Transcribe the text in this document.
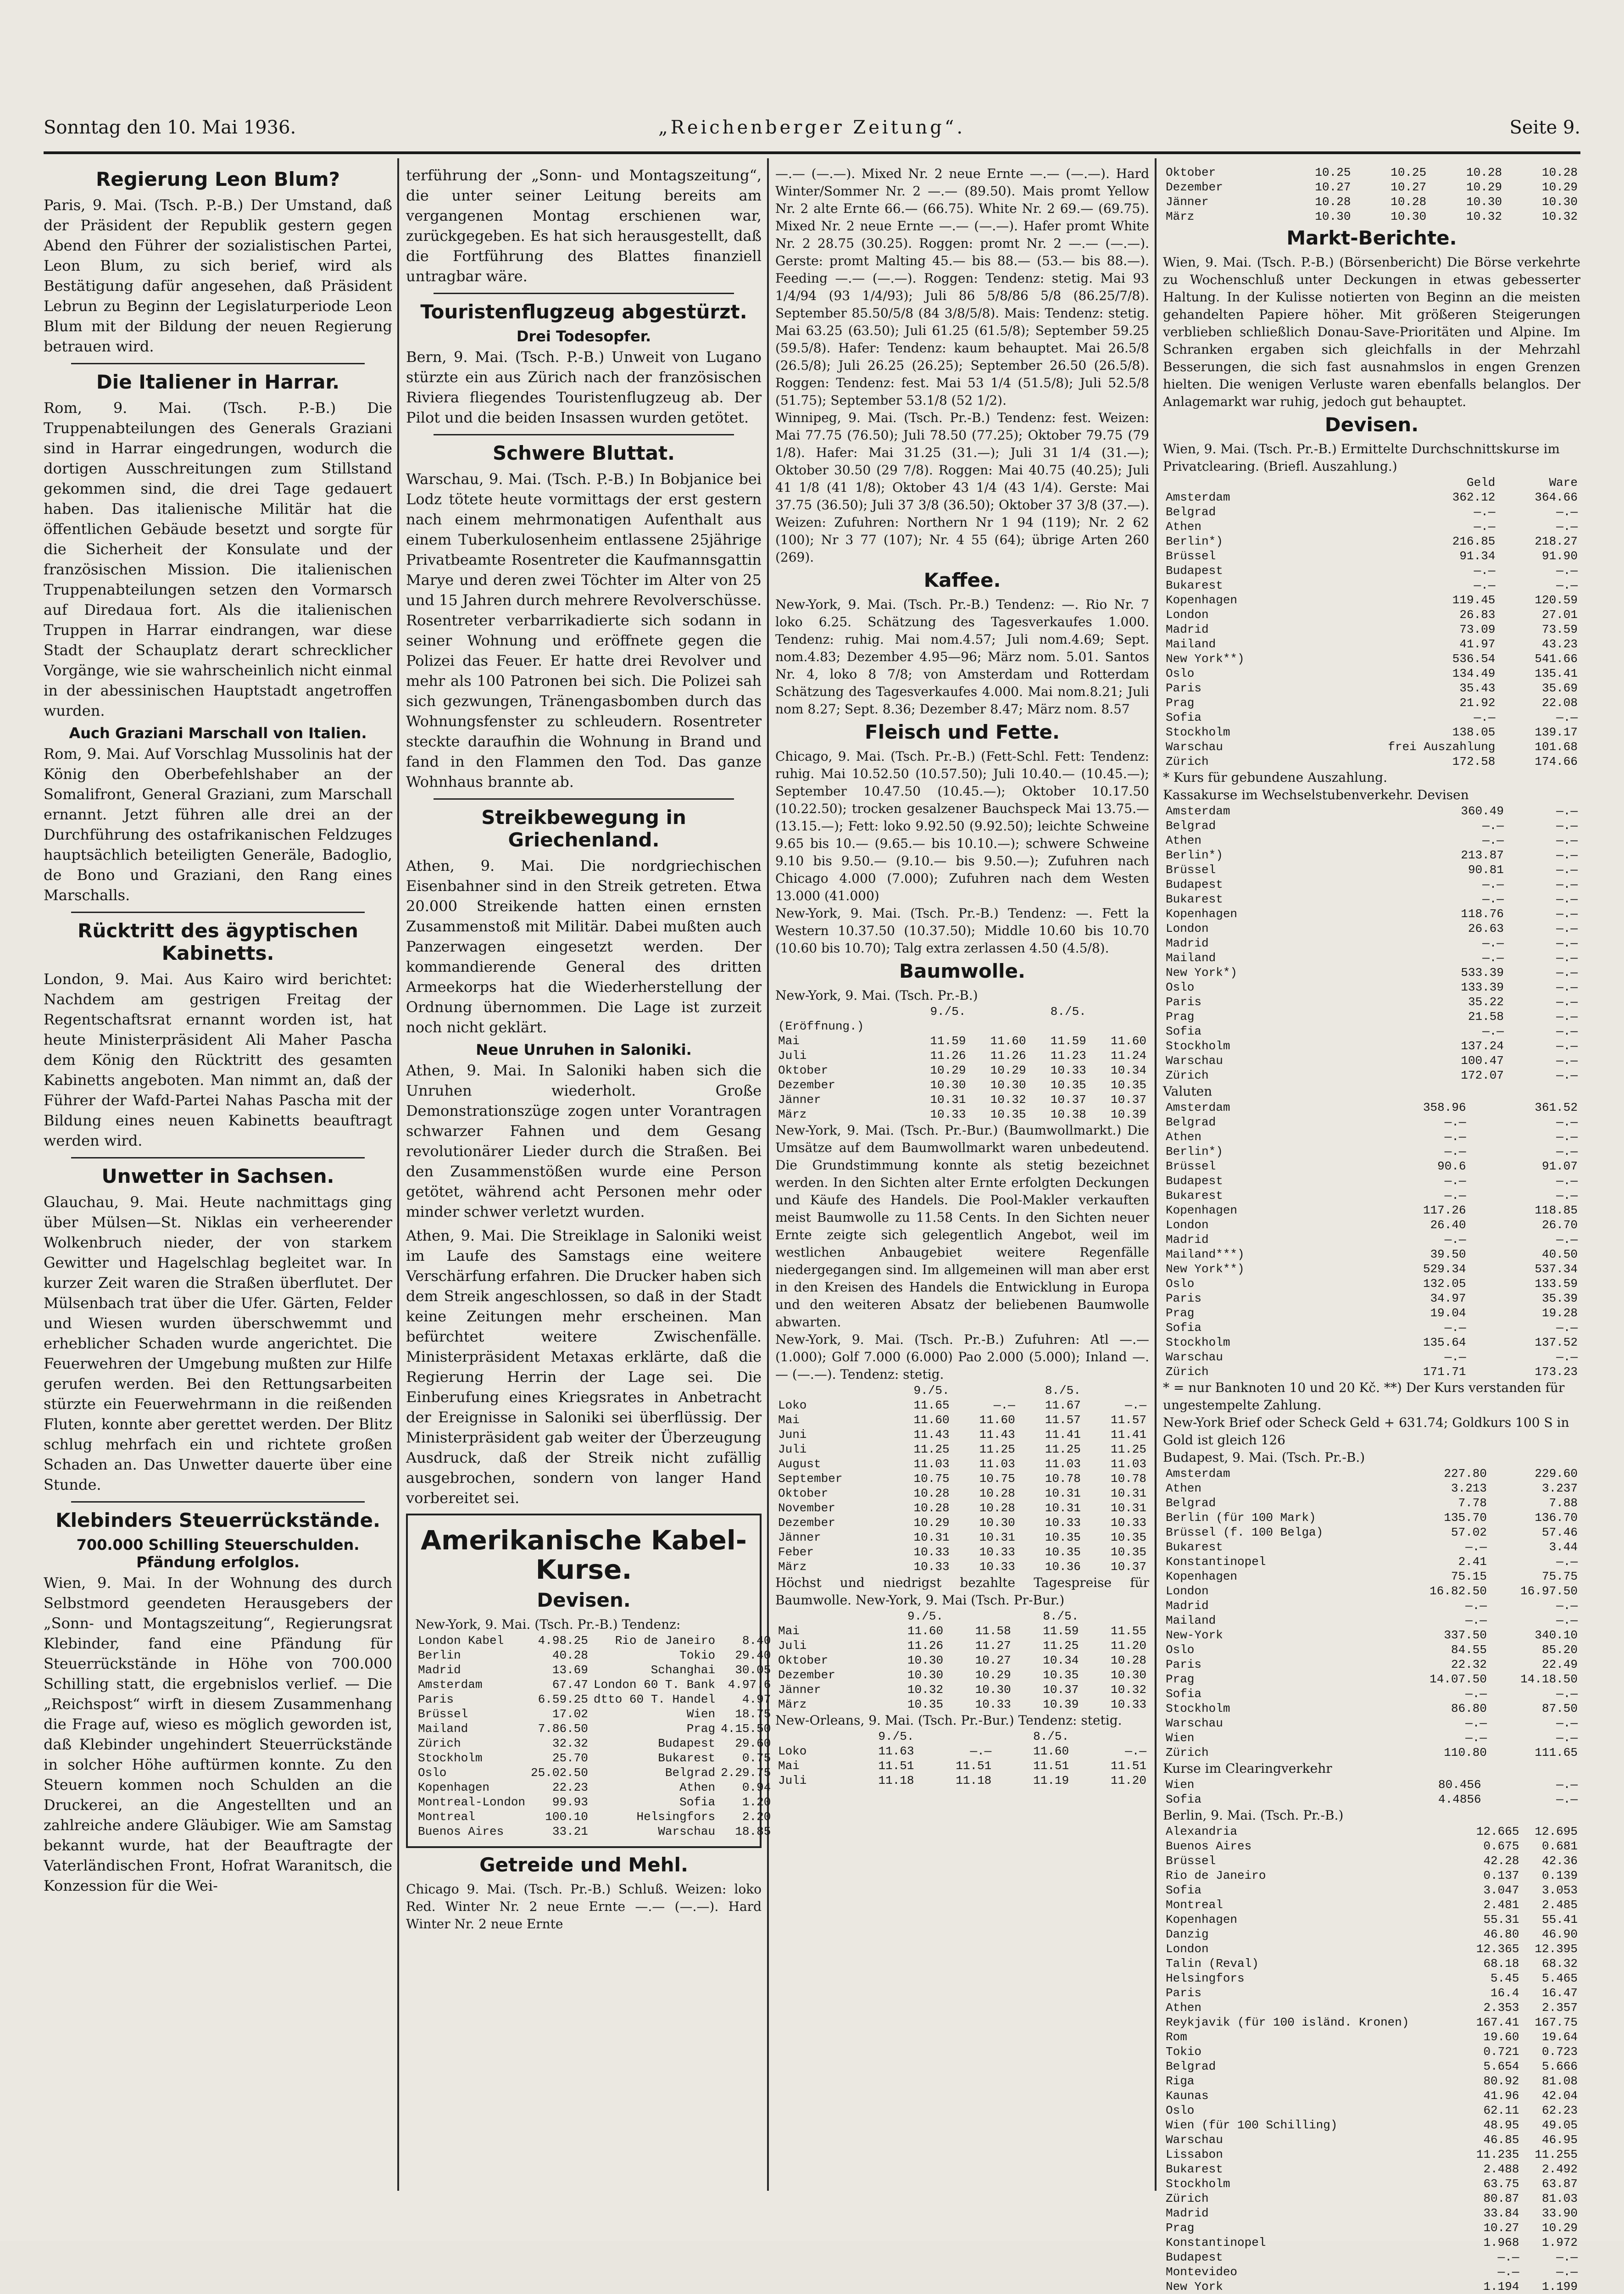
Sonntag den 10. Mai 1936.	„Reichenberger Zeitung“.	Seite 9.
Regierung Leon Blum?

Paris, 9. Mai. (Tsch. P.-B.) Der Umstand, daß der Präsident der Republik gestern gegen Abend den Führer der sozialistischen Partei, Leon Blum, zu sich berief, wird als Bestätigung dafür angesehen, daß Präsident Lebrun zu Beginn der Legislaturperiode Leon Blum mit der Bildung der neuen Regierung betrauen wird.

Die Italiener in Harrar.

Rom, 9. Mai. (Tsch. P.-B.) Die Truppenabteilungen des Generals Graziani sind in Harrar eingedrungen, wodurch die dortigen Ausschreitungen zum Stillstand gekommen sind, die drei Tage gedauert haben. Das italienische Militär hat die öffentlichen Gebäude besetzt und sorgte für die Sicherheit der Konsulate und der französischen Mission. Die italienischen Truppenabteilungen setzen den Vormarsch auf Diredaua fort. Als die italienischen Truppen in Harrar eindrangen, war diese Stadt der Schauplatz derart schrecklicher Vorgänge, wie sie wahrscheinlich nicht einmal in der abessinischen Hauptstadt angetroffen wurden.

Auch Graziani Marschall von Italien.

Rom, 9. Mai. Auf Vorschlag Mussolinis hat der König den Oberbefehlshaber an der Somalifront, General Graziani, zum Marschall ernannt. Jetzt führen alle drei an der Durchführung des ostafrikanischen Feldzuges hauptsächlich beteiligten Generäle, Badoglio, de Bono und Graziani, den Rang eines Marschalls.

Rücktritt des ägyptischen Kabinetts.

London, 9. Mai. Aus Kairo wird berichtet: Nachdem am gestrigen Freitag der Regentschaftsrat ernannt worden ist, hat heute Ministerpräsident Ali Maher Pascha dem König den Rücktritt des gesamten Kabinetts angeboten. Man nimmt an, daß der Führer der Wafd-Partei Nahas Pascha mit der Bildung eines neuen Kabinetts beauftragt werden wird.

Unwetter in Sachsen.

Glauchau, 9. Mai. Heute nachmittags ging über Mülsen—St. Niklas ein verheerender Wolkenbruch nieder, der von starkem Gewitter und Hagelschlag begleitet war. In kurzer Zeit waren die Straßen überflutet. Der Mülsenbach trat über die Ufer. Gärten, Felder und Wiesen wurden überschwemmt und erheblicher Schaden wurde angerichtet. Die Feuerwehren der Umgebung mußten zur Hilfe gerufen werden. Bei den Rettungsarbeiten stürzte ein Feuerwehrmann in die reißenden Fluten, konnte aber gerettet werden. Der Blitz schlug mehrfach ein und richtete großen Schaden an. Das Unwetter dauerte über eine Stunde.

Klebinders Steuerrückstände.
700.000 Schilling Steuerschulden. Pfändung erfolglos.

Wien, 9. Mai. In der Wohnung des durch Selbstmord geendeten Herausgebers der „Sonn- und Montagszeitung“, Regierungsrat Klebinder, fand eine Pfändung für Steuerrückstände in Höhe von 700.000 Schilling statt, die ergebnislos verlief. — Die „Reichspost“ wirft in diesem Zusammenhang die Frage auf, wieso es möglich geworden ist, daß Klebinder ungehindert Steuerrückstände in solcher Höhe auftürmen konnte. Zu den Steuern kommen noch Schulden an die Druckerei, an die Angestellten und an zahlreiche andere Gläubiger. Wie am Samstag bekannt wurde, hat der Beauftragte der Vaterländischen Front, Hofrat Waranitsch, die Konzession für die Wei-

terführung der „Sonn- und Montagszeitung“, die unter seiner Leitung bereits am vergangenen Montag erschienen war, zurückgegeben. Es hat sich herausgestellt, daß die Fortführung des Blattes finanziell untragbar wäre.

Touristenflugzeug abgestürzt.
Drei Todesopfer.

Bern, 9. Mai. (Tsch. P.-B.) Unweit von Lugano stürzte ein aus Zürich nach der französischen Riviera fliegendes Touristenflugzeug ab. Der Pilot und die beiden Insassen wurden getötet.

Schwere Bluttat.

Warschau, 9. Mai. (Tsch. P.-B.) In Bobjanice bei Lodz tötete heute vormittags der erst gestern nach einem mehrmonatigen Aufenthalt aus einem Tuberkulosenheim entlassene 25jährige Privatbeamte Rosentreter die Kaufmannsgattin Marye und deren zwei Töchter im Alter von 25 und 15 Jahren durch mehrere Revolverschüsse. Rosentreter verbarrikadierte sich sodann in seiner Wohnung und eröffnete gegen die Polizei das Feuer. Er hatte drei Revolver und mehr als 100 Patronen bei sich. Die Polizei sah sich gezwungen, Tränengasbomben durch das Wohnungsfenster zu schleudern. Rosentreter steckte daraufhin die Wohnung in Brand und fand in den Flammen den Tod. Das ganze Wohnhaus brannte ab.

Streikbewegung in Griechenland.

Athen, 9. Mai. Die nordgriechischen Eisenbahner sind in den Streik getreten. Etwa 20.000 Streikende hatten einen ernsten Zusammenstoß mit Militär. Dabei mußten auch Panzerwagen eingesetzt werden. Der kommandierende General des dritten Armeekorps hat die Wiederherstellung der Ordnung übernommen. Die Lage ist zurzeit noch nicht geklärt.

Neue Unruhen in Saloniki.

Athen, 9. Mai. In Saloniki haben sich die Unruhen wiederholt. Große Demonstrationszüge zogen unter Vorantragen schwarzer Fahnen und dem Gesang revolutionärer Lieder durch die Straßen. Bei den Zusammenstößen wurde eine Person getötet, während acht Personen mehr oder minder schwer verletzt wurden.

Athen, 9. Mai. Die Streiklage in Saloniki weist im Laufe des Samstags eine weitere Verschärfung erfahren. Die Drucker haben sich dem Streik angeschlossen, so daß in der Stadt keine Zeitungen mehr erscheinen. Man befürchtet weitere Zwischenfälle. Ministerpräsident Metaxas erklärte, daß die Regierung Herrin der Lage sei. Die Einberufung eines Kriegsrates in Anbetracht der Ereignisse in Saloniki sei überflüssig. Der Ministerpräsident gab weiter der Überzeugung Ausdruck, daß der Streik nicht zufällig ausgebrochen, sondern von langer Hand vorbereitet sei.

Amerikanische Kabel-Kurse.
Devisen.
New-York, 9. Mai. (Tsch. Pr.-B.) Tendenz:
London Kabel	4.98.25	Rio de Janeiro	8.40
Berlin	40.28	Tokio	29.40
Madrid	13.69	Schanghai	30.05
Amsterdam	67.47	London 60 T. Bank	4.97.6
Paris	6.59.25	dtto 60 T. Handel	4.97
Brüssel	17.02	Wien	18.75
Mailand	7.86.50	Prag	4.15.50
Zürich	32.32	Budapest	29.60
Stockholm	25.70	Bukarest	0.75
Oslo	25.02.50	Belgrad	2.29.75
Kopenhagen	22.23	Athen	0.94
Montreal-London	99.93	Sofia	1.20
Montreal	100.10	Helsingfors	2.20
Buenos Aires	33.21	Warschau	18.85
Getreide und Mehl.

Chicago 9. Mai. (Tsch. Pr.-B.) Schluß. Weizen: loko Red. Winter Nr. 2 neue Ernte —.— (—.—). Hard Winter Nr. 2 neue Ernte

—.— (—.—). Mixed Nr. 2 neue Ernte —.— (—.—). Hard Winter/Sommer Nr. 2 —.— (89.50). Mais promt Yellow Nr. 2 alte Ernte 66.— (66.75). White Nr. 2 69.— (69.75). Mixed Nr. 2 neue Ernte —.— (—.—). Hafer promt White Nr. 2 28.75 (30.25). Roggen: promt Nr. 2 —.— (—.—). Gerste: promt Malting 45.— bis 88.— (53.— bis 88.—). Feeding —.— (—.—). Roggen: Tendenz: stetig. Mai 93 1/4/94 (93 1/4/93); Juli 86 5/8/86 5/8 (86.25/7/8). September 85.50/5/8 (84 3/8/5/8). Mais: Tendenz: stetig. Mai 63.25 (63.50); Juli 61.25 (61.5/8); September 59.25 (59.5/8). Hafer: Tendenz: kaum behauptet. Mai 26.5/8 (26.5/8); Juli 26.25 (26.25); September 26.50 (26.5/8). Roggen: Tendenz: fest. Mai 53 1/4 (51.5/8); Juli 52.5/8 (51.75); September 53.1/8 (52 1/2).

Winnipeg, 9. Mai. (Tsch. Pr.-B.) Tendenz: fest. Weizen: Mai 77.75 (76.50); Juli 78.50 (77.25); Oktober 79.75 (79 1/8). Hafer: Mai 31.25 (31.—); Juli 31 1/4 (31.—); Oktober 30.50 (29 7/8). Roggen: Mai 40.75 (40.25); Juli 41 1/8 (41 1/8); Oktober 43 1/4 (43 1/4). Gerste: Mai 37.75 (36.50); Juli 37 3/8 (36.50); Oktober 37 3/8 (37.—). Weizen: Zufuhren: Northern Nr 1 94 (119); Nr. 2 62 (100); Nr 3 77 (107); Nr. 4 55 (64); übrige Arten 260 (269).

Kaffee.

New-York, 9. Mai. (Tsch. Pr.-B.) Tendenz: —. Rio Nr. 7 loko 6.25. Schätzung des Tagesverkaufes 1.000. Tendenz: ruhig. Mai nom.4.57; Juli nom.4.69; Sept. nom.4.83; Dezember 4.95—96; März nom. 5.01. Santos Nr. 4, loko 8 7/8; von Amsterdam und Rotterdam Schätzung des Tagesverkaufes 4.000. Mai nom.8.21; Juli nom 8.27; Sept. 8.36; Dezember 8.47; März nom. 8.57

Fleisch und Fette.

Chicago, 9. Mai. (Tsch. Pr.-B.) (Fett-Schl. Fett: Tendenz: ruhig. Mai 10.52.50 (10.57.50); Juli 10.40.— (10.45.—); September 10.47.50 (10.45.—); Oktober 10.17.50 (10.22.50); trocken gesalzener Bauchspeck Mai 13.75.— (13.15.—); Fett: loko 9.92.50 (9.92.50); leichte Schweine 9.65 bis 10.— (9.65.— bis 10.10.—); schwere Schweine 9.10 bis 9.50.— (9.10.— bis 9.50.—); Zufuhren nach Chicago 4.000 (7.000); Zufuhren nach dem Westen 13.000 (41.000)

New-York, 9. Mai. (Tsch. Pr.-B.) Tendenz: —. Fett la Western 10.37.50 (10.37.50); Middle 10.60 bis 10.70 (10.60 bis 10.70); Talg extra zerlassen 4.50 (4.5/8).

Baumwolle.
New-York, 9. Mai. (Tsch. Pr.-B.)
	9./5.		8./5.	
(Eröffnung.)				
Mai	11.59	11.60	11.59	11.60
Juli	11.26	11.26	11.23	11.24
Oktober	10.29	10.29	10.33	10.34
Dezember	10.30	10.30	10.35	10.35
Jänner	10.31	10.32	10.37	10.37
März	10.33	10.35	10.38	10.39

New-York, 9. Mai. (Tsch. Pr.-Bur.) (Baumwollmarkt.) Die Umsätze auf dem Baumwollmarkt waren unbedeutend. Die Grundstimmung konnte als stetig bezeichnet werden. In den Sichten alter Ernte erfolgten Deckungen und Käufe des Handels. Die Pool-Makler verkauften meist Baumwolle zu 11.58 Cents. In den Sichten neuer Ernte zeigte sich gelegentlich Angebot, weil im westlichen Anbaugebiet weitere Regenfälle niedergegangen sind. Im allgemeinen will man aber erst in den Kreisen des Handels die Entwicklung in Europa und den weiteren Absatz der beliebenen Baumwolle abwarten.

New-York, 9. Mai. (Tsch. Pr.-B.) Zufuhren: Atl —.— (1.000); Golf 7.000 (6.000) Pao 2.000 (5.000); Inland —.— (—.—). Tendenz: stetig.

	9./5.		8./5.	
Loko	11.65	—.—	11.67	—.—
Mai	11.60	11.60	11.57	11.57
Juni	11.43	11.43	11.41	11.41
Juli	11.25	11.25	11.25	11.25
August	11.03	11.03	11.03	11.03
September	10.75	10.75	10.78	10.78
Oktober	10.28	10.28	10.31	10.31
November	10.28	10.28	10.31	10.31
Dezember	10.29	10.30	10.33	10.33
Jänner	10.31	10.31	10.35	10.35
Feber	10.33	10.33	10.35	10.35
März	10.33	10.33	10.36	10.37

Höchst und niedrigst bezahlte Tagespreise für Baumwolle. New-York, 9. Mai (Tsch. Pr-Bur.)

	9./5.		8./5.	
Mai	11.60	11.58	11.59	11.55
Juli	11.26	11.27	11.25	11.20
Oktober	10.30	10.27	10.34	10.28
Dezember	10.30	10.29	10.35	10.30
Jänner	10.32	10.30	10.37	10.32
März	10.35	10.33	10.39	10.33

New-Orleans, 9. Mai. (Tsch. Pr.-Bur.) Tendenz: stetig.

	9./5.		8./5.	
Loko	11.63	—.—	11.60	—.—
Mai	11.51	11.51	11.51	11.51
Juli	11.18	11.18	11.19	11.20
Oktober	10.25	10.25	10.28	10.28
Dezember	10.27	10.27	10.29	10.29
Jänner	10.28	10.28	10.30	10.30
März	10.30	10.30	10.32	10.32
Markt-Berichte.

Wien, 9. Mai. (Tsch. P.-B.) (Börsenbericht) Die Börse verkehrte zu Wochenschluß unter Deckungen in etwas gebesserter Haltung. In der Kulisse notierten von Beginn an die meisten gehandelten Papiere höher. Mit größeren Steigerungen verblieben schließlich Donau-Save-Prioritäten und Alpine. Im Schranken ergaben sich gleichfalls in der Mehrzahl Besserungen, die sich fast ausnahmslos in engen Grenzen hielten. Die wenigen Verluste waren ebenfalls belanglos. Der Anlagemarkt war ruhig, jedoch gut behauptet.

Devisen.
Wien, 9. Mai. (Tsch. Pr.-B.) Ermittelte Durchschnittskurse im Privatclearing. (Briefl. Auszahlung.)
	Geld	Ware
Amsterdam	362.12	364.66
Belgrad	—.—	—.—
Athen	—.—	—.—
Berlin*)	216.85	218.27
Brüssel	91.34	91.90
Budapest	—.—	—.—
Bukarest	—.—	—.—
Kopenhagen	119.45	120.59
London	26.83	27.01
Madrid	73.09	73.59
Mailand	41.97	43.23
New York**)	536.54	541.66
Oslo	134.49	135.41
Paris	35.43	35.69
Prag	21.92	22.08
Sofia	—.—	—.—
Stockholm	138.05	139.17
Warschau	frei Auszahlung	101.68
Zürich	172.58	174.66
* Kurs für gebundene Auszahlung.
Kassakurse im Wechselstubenverkehr. Devisen
Amsterdam	360.49	—.—
Belgrad	—.—	—.—
Athen	—.—	—.—
Berlin*)	213.87	—.—
Brüssel	90.81	—.—
Budapest	—.—	—.—
Bukarest	—.—	—.—
Kopenhagen	118.76	—.—
London	26.63	—.—
Madrid	—.—	—.—
Mailand	—.—	—.—
New York*)	533.39	—.—
Oslo	133.39	—.—
Paris	35.22	—.—
Prag	21.58	—.—
Sofia	—.—	—.—
Stockholm	137.24	—.—
Warschau	100.47	—.—
Zürich	172.07	—.—
Valuten
Amsterdam	358.96	361.52
Belgrad	—.—	—.—
Athen	—.—	—.—
Berlin*)	—.—	—.—
Brüssel	90.6	91.07
Budapest	—.—	—.—
Bukarest	—.—	—.—
Kopenhagen	117.26	118.85
London	26.40	26.70
Madrid	—.—	—.—
Mailand***)	39.50	40.50
New York**)	529.34	537.34
Oslo	132.05	133.59
Paris	34.97	35.39
Prag	19.04	19.28
Sofia	—.—	—.—
Stockholm	135.64	137.52
Warschau	—.—	—.—
Zürich	171.71	173.23
* = nur Banknoten 10 und 20 Kč. **) Der Kurs verstanden für ungestempelte Zahlung.
New-York Brief oder Scheck Geld + 631.74; Goldkurs 100 S in Gold ist gleich 126
Budapest, 9. Mai. (Tsch. Pr.-B.)
Amsterdam	227.80	229.60
Athen	3.213	3.237
Belgrad	7.78	7.88
Berlin (für 100 Mark)	135.70	136.70
Brüssel (f. 100 Belga)	57.02	57.46
Bukarest	—.—	3.44
Konstantinopel	2.41	—.—
Kopenhagen	75.15	75.75
London	16.82.50	16.97.50
Madrid	—.—	—.—
Mailand	—.—	—.—
New-York	337.50	340.10
Oslo	84.55	85.20
Paris	22.32	22.49
Prag	14.07.50	14.18.50
Sofia	—.—	—.—
Stockholm	86.80	87.50
Warschau	—.—	—.—
Wien	—.—	—.—
Zürich	110.80	111.65
Kurse im Clearingverkehr
Wien	80.456	—.—
Sofia	4.4856	—.—
Berlin, 9. Mai. (Tsch. Pr.-B.)
Alexandria	12.665	12.695
Buenos Aires	0.675	0.681
Brüssel	42.28	42.36
Rio de Janeiro	0.137	0.139
Sofia	3.047	3.053
Montreal	2.481	2.485
Kopenhagen	55.31	55.41
Danzig	46.80	46.90
London	12.365	12.395
Talin (Reval)	68.18	68.32
Helsingfors	5.45	5.465
Paris	16.4	16.47
Athen	2.353	2.357
Reykjavik (für 100 isländ. Kronen)	167.41	167.75
Rom	19.60	19.64
Tokio	0.721	0.723
Belgrad	5.654	5.666
Riga	80.92	81.08
Kaunas	41.96	42.04
Oslo	62.11	62.23
Wien (für 100 Schilling)	48.95	49.05
Warschau	46.85	46.95
Lissabon	11.235	11.255
Bukarest	2.488	2.492
Stockholm	63.75	63.87
Zürich	80.87	81.03
Madrid	33.84	33.90
Prag	10.27	10.29
Konstantinopel	1.968	1.972
Budapest	—.—	—.—
Montevideo	—.—	—.—
New York	1.194	1.199
